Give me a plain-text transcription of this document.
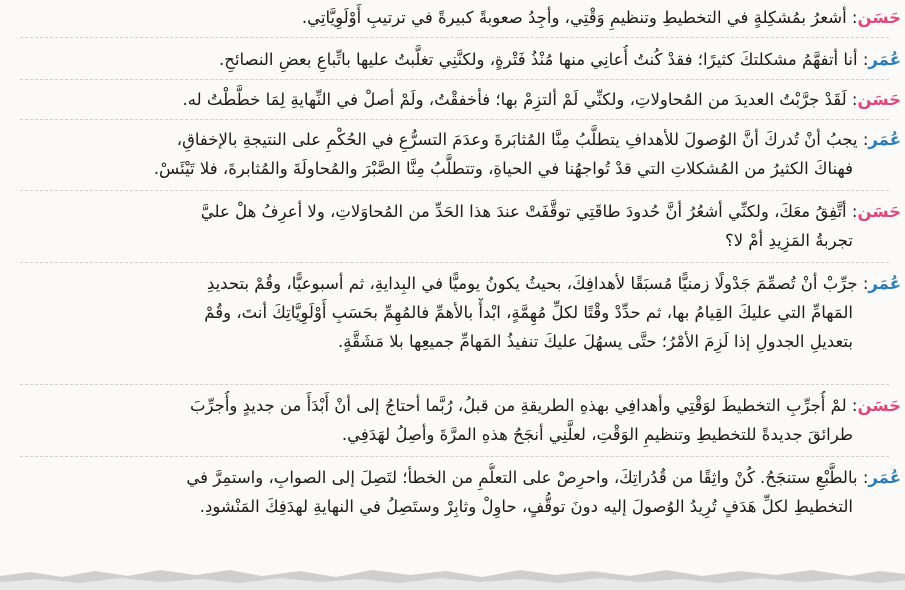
حَسَن: أشعرُ بمُشكِلةٍ في التخطيطِ وتنظيمِ وَقْتِي، وأجِدُ صعوبةً كبيرةً في ترتيبِ أَوْلَوِيَّاتِي.
عُمَر: أنا أتفهَّمُ مشكلتكَ كثيرًا؛ فقدْ كُنتُ أُعانِي منها مُنْذُ فَتْرةٍ، ولكنَّنِي تغلَّبتُ عليها باتِّباعِ بعضِ النصائحِ.
حَسَن: لَقَدْ جرَّبْتُ العديدَ من المُحاولاتِ، ولكنِّي لَمْ ألتزِمْ بها؛ فأخفقْتُ، ولَمْ أصلْ في النِّهايةِ لِمَا خطَّطْتُ له.
عُمَر: يجبُ أنْ تُدركَ أنَّ الوُصولَ للأهدافِ يتطلَّبُ مِنَّا المُثابَرةَ وعدَمَ التسرُّعِ في الحُكْمِ على النتيجةِ بالإخفاقِ،
فهناكَ الكثيرُ من المُشكلاتِ التي قدْ تُواجهُنا في الحياةِ، وتتطلَّبُ مِنَّا الصَّبْرَ والمُحاولَةَ والمُثابرةَ، فلا تَيْئَسْ.
حَسَن: أتَّفِقُ معَكَ، ولكنِّي أشعُرُ أنَّ حُدودَ طاقَتِي توقَّفَتْ عندَ هذا الحَدِّ من المُحاوَلاتِ، ولا أعرِفُ هلْ عليَّ
تجربةُ المَزِيدِ أمْ لا؟
عُمَر: جرِّبْ أنْ تُصمِّمَ جَدْولًا زمنيًّا مُسبَقًا لأهدافِكَ، بحيثُ يكونُ يوميًّا في البِدايةِ، ثم أسبوعيًّا، وقُمْ بتحديدِ
المَهامِّ التي عليكَ القِيامُ بها، ثم حدِّدْ وقْتًا لكلِّ مُهِمَّةٍ، ابْدأْ بالأهمِّ فالمُهِمِّ بحَسَبِ أَوْلَوِيَّاتِكَ أنتَ، وقُمْ
بتعديلِ الجدولِ إذا لَزِمَ الأمْرُ؛ حتَّى يسهُلَ عليكَ تنفيذُ المَهامِّ جميعِها بلا مَشَقَّةٍ.
حَسَن: لمْ أُجرِّبِ التخطيطَ لوَقْتِي وأهدافِي بهذهِ الطريقةِ من قبلُ، رُبَّما أحتاجُ إلى أنْ أَبْدَأَ من جديدٍ وأُجرِّبَ
طرائقَ جديدةً للتخطيطِ وتنظيمِ الوَقْتِ، لعلَّنِي أنجَحُ هذهِ المرَّةَ وأصِلُ لهَدَفِي.
عُمَر: بالطَّبْعِ ستنجَحُ. كُنْ واثِقًا من قُدُراتِكَ، واحرِصْ على التعلُّمِ من الخطأ؛ لتَصِلَ إلى الصوابِ، واستمِرَّ في
التخطيطِ لكلِّ هَدَفٍ تُرِيدُ الوُصولَ إليه دونَ توقُّفٍ، حاوِلْ وثابِرْ وستَصِلُ في النهايةِ لهدَفِكَ المَنْشودِ.
